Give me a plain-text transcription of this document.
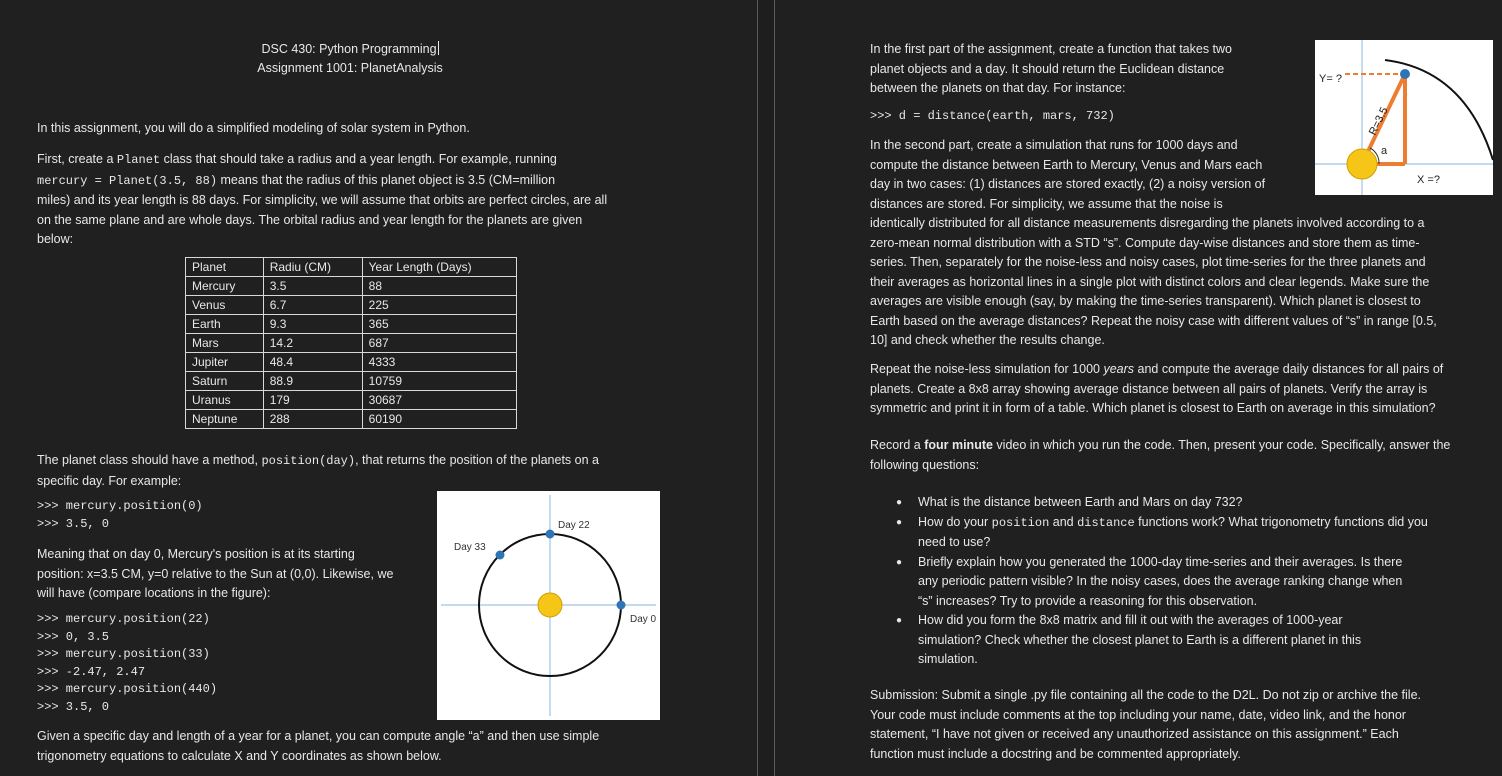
DSC 430: Python Programming
Assignment 1001: PlanetAnalysis
In this assignment, you will do a simplified modeling of solar system in Python.

First, create a Planet class that should take a radius and a year length. For example, running

mercury = Planet(3.5, 88) means that the radius of this planet object is 3.5 (CM=million

miles) and its year length is 88 days. For simplicity, we will assume that orbits are perfect circles, are all

on the same plane and are whole days. The orbital radius and year length for the planets are given

below:

Planet	Radiu (CM)	Year Length (Days)
Mercury	3.5	88
Venus	6.7	225
Earth	9.3	365
Mars	14.2	687
Jupiter	48.4	4333
Saturn	88.9	10759
Uranus	179	30687
Neptune	288	60190

The planet class should have a method, position(day), that returns the position of the planets on a

specific day. For example:

>>> mercury.position(0)

>>> 3.5, 0

Meaning that on day 0, Mercury's position is at its starting

position: x=3.5 CM, y=0 relative to the Sun at (0,0). Likewise, we

will have (compare locations in the figure):

>>> mercury.position(22)

>>> 0, 3.5

>>> mercury.position(33)

>>> -2.47, 2.47

>>> mercury.position(440)

>>> 3.5, 0

Day 22
Day 33
Day 0

Given a specific day and length of a year for a planet, you can compute angle “a” and then use simple

trigonometry equations to calculate X and Y coordinates as shown below.

In the first part of the assignment, create a function that takes two

planet objects and a day. It should return the Euclidean distance

between the planets on that day. For instance:

>>> d = distance(earth, mars, 732)

In the second part, create a simulation that runs for 1000 days and

compute the distance between Earth to Mercury, Venus and Mars each

day in two cases: (1) distances are stored exactly, (2) a noisy version of

distances are stored. For simplicity, we assume that the noise is

identically distributed for all distance measurements disregarding the planets involved according to a

zero-mean normal distribution with a STD “s”. Compute day-wise distances and store them as time-

series. Then, separately for the noise-less and noisy cases, plot time-series for the three planets and

their averages as horizontal lines in a single plot with distinct colors and clear legends. Make sure the

averages are visible enough (say, by making the time-series transparent). Which planet is closest to

Earth based on the average distances? Repeat the noisy case with different values of “s” in range [0.5,

10] and check whether the results change.

Y= ?
R=3.5
a
X =?

Repeat the noise-less simulation for 1000 years and compute the average daily distances for all pairs of

planets. Create a 8x8 array showing average distance between all pairs of planets. Verify the array is

symmetric and print it in form of a table. Which planet is closest to Earth on average in this simulation?

Record a four minute video in which you run the code. Then, present your code. Specifically, answer the

following questions:

● What is the distance between Earth and Mars on day 732?
● How do your position and distance functions work? What trigonometry functions did you
need to use?
● Briefly explain how you generated the 1000-day time-series and their averages. Is there
any periodic pattern visible? In the noisy cases, does the average ranking change when
“s” increases? Try to provide a reasoning for this observation.
● How did you form the 8x8 matrix and fill it out with the averages of 1000-year
simulation? Check whether the closest planet to Earth is a different planet in this
simulation.

Submission: Submit a single .py file containing all the code to the D2L. Do not zip or archive the file.

Your code must include comments at the top including your name, date, video link, and the honor

statement, “I have not given or received any unauthorized assistance on this assignment.” Each

function must include a docstring and be commented appropriately.
